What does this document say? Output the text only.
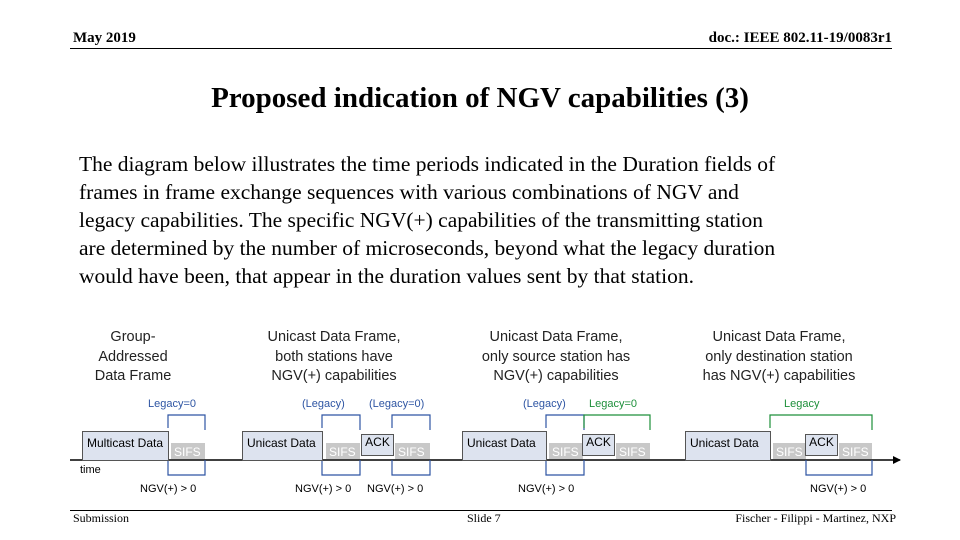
May 2019	doc.: IEEE 802.11-19/0083r1
Proposed indication of NGV capabilities (3)

The diagram below illustrates the time periods indicated in the Duration fields of

frames in frame exchange sequences with various combinations of NGV and

legacy capabilities. The specific NGV(+) capabilities of the transmitting station

are determined by the number of microseconds, beyond what the legacy duration

would have been, that appear in the duration values sent by that station.

Group-
Addressed
Data Frame
Unicast Data Frame,
both stations have
NGV(+) capabilities
Unicast Data Frame,
only source station has
NGV(+) capabilities
Unicast Data Frame,
only destination station
has NGV(+) capabilities
Multicast Data
SIFS
Unicast Data
SIFS
ACK
SIFS
Unicast Data
SIFS
ACK
SIFS
Unicast Data
SIFS
ACK
SIFS
Legacy=0	(Legacy) (Legacy=0)	(Legacy) Legacy=0	Legacy
time
NGV(+) > 0	NGV(+) > 0 NGV(+) > 0	NGV(+) > 0	NGV(+) > 0
Submission	Slide 7	Fischer - Filippi - Martinez, NXP
